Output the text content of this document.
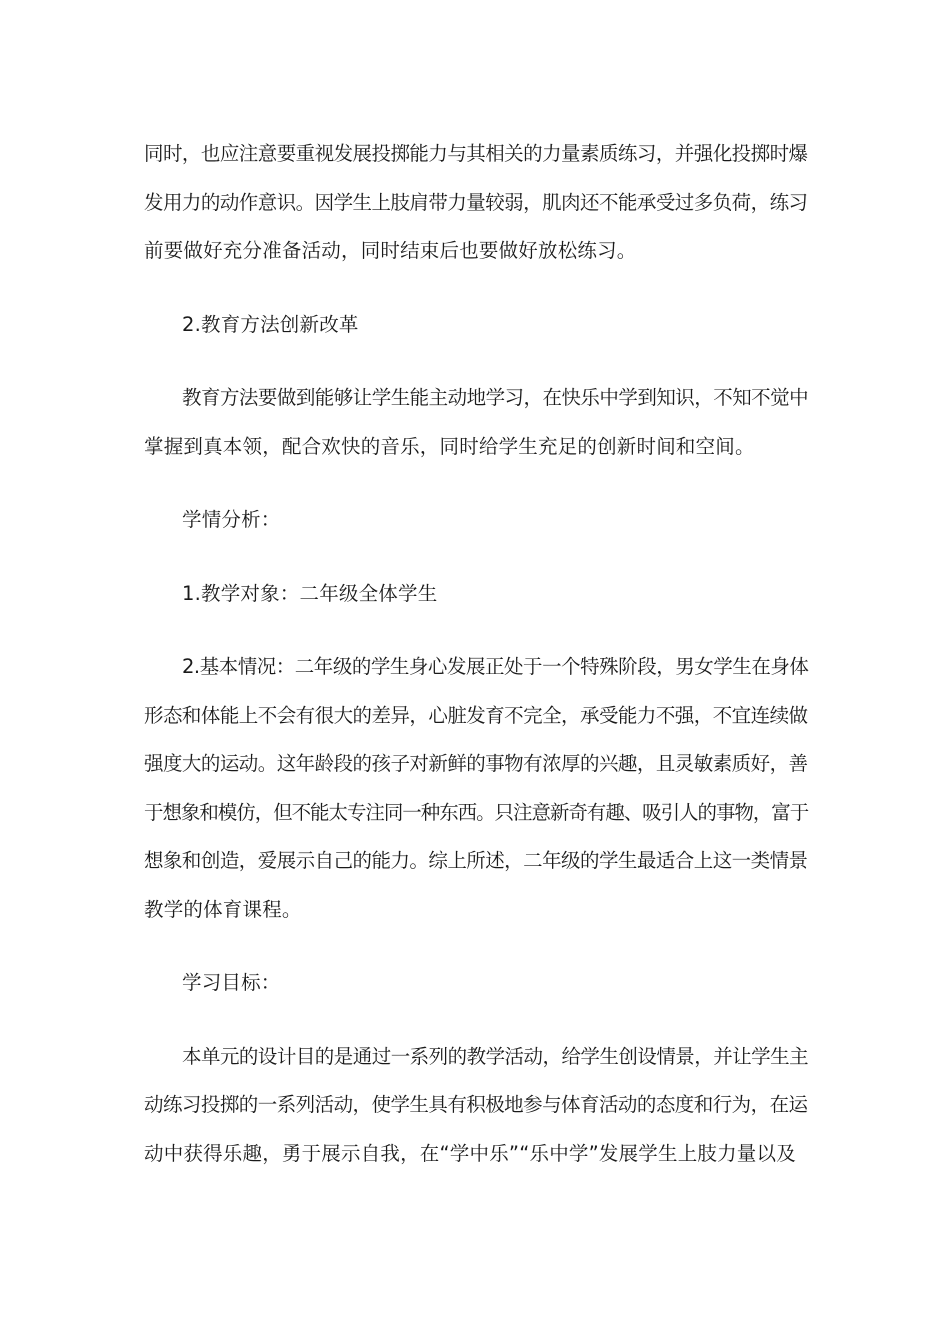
同时，也应注意要重视发展投掷能力与其相关的力量素质练习，并强化投掷时爆
发用力的动作意识。因学生上肢肩带力量较弱，肌肉还不能承受过多负荷，练习
前要做好充分准备活动，同时结束后也要做好放松练习。
2.教育方法创新改革
教育方法要做到能够让学生能主动地学习，在快乐中学到知识，不知不觉中
掌握到真本领，配合欢快的音乐，同时给学生充足的创新时间和空间。
学情分析：
1.教学对象：二年级全体学生
2.基本情况：二年级的学生身心发展正处于一个特殊阶段，男女学生在身体
形态和体能上不会有很大的差异，心脏发育不完全，承受能力不强，不宜连续做
强度大的运动。这年龄段的孩子对新鲜的事物有浓厚的兴趣，且灵敏素质好，善
于想象和模仿，但不能太专注同一种东西。只注意新奇有趣、吸引人的事物，富于
想象和创造，爱展示自己的能力。综上所述，二年级的学生最适合上这一类情景
教学的体育课程。
学习目标：
本单元的设计目的是通过一系列的教学活动，给学生创设情景，并让学生主
动练习投掷的一系列活动，使学生具有积极地参与体育活动的态度和行为，在运
动中获得乐趣，勇于展示自我，在“学中乐”“乐中学”发展学生上肢力量以及
